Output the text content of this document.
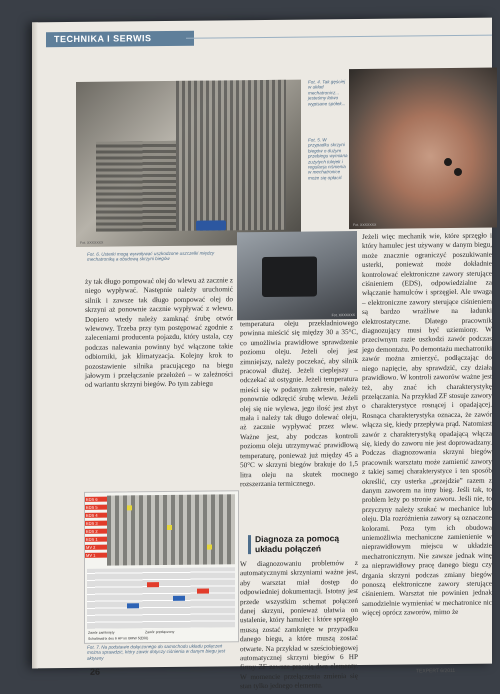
TECHNIKA I SERWIS
Fot. XXXXXXX
Fot. 4. Tak gęściej w układ mechatronicz... jesteśmy łatwo wypisane spółek...
Fot. 5. W przypadku skrzyni biegów o dużym przebiegu wymiana zużytych tulejek i regulacja ciśnienia w mechatronice może się opłacić
Fot. XXXXXXX
Fot. 6. Usterki mogą wywoływać uszkodzone uszczelki między mechatroniką a obudową skrzyni biegów
Fot. XXXXXXX

ży tak długo pompować olej do wlewu aż zacznie z niego wypływać. Następnie należy uruchomić silnik i zawsze tak długo pompować olej do skrzyni aż ponownie zacznie wypływać z wlewu. Dopiero wtedy należy zamknąć śrubę otwór wlewowy. Trzeba przy tym postępować zgodnie z zaleceniami producenta pojazdu, który ustala, czy podczas nalewania powinny być włączone takie odbiorniki, jak klimatyzacja. Kolejny krok to pozostawienie silnika pracującego na biegu jałowym i przełączanie przełożeń – w zależności od wariantu skrzyni biegów. Po tym zabiegu

EDS 6
EDS 5
EDS 4
EDS 3
EDS 2
EDS 1
MV 2
MV 1
Zawór zamknięty	Zawór przełączony
Schaltmatrix des 6 HP im BMW 5(E60)
Fot. 7. Na podstawie dołączonego do samochodu układu połączeń można sprawdzić, który zawór dotyczy ciśnienia w danym biegu jest aktywny

temperatura oleju przekładniowego powinna mieścić się między 30 a 35°C, co umożliwia prawidłowe sprawdzenie poziomu oleju. Jeżeli olej jest zimniejszy, należy poczekać, aby silnik pracował dłużej. Jeżeli cieplejszy – odczekać aż ostygnie. Jeżeli temperatura mieści się w podanym zakresie, należy ponownie odkręcić śrubę wlewu. Jeżeli olej się nie wylewa, jego ilość jest zbyt mała i należy tak długo dolewać oleju, aż zacznie wypływać przez wlew. Ważne jest, aby podczas kontroli poziomu oleju utrzymywać prawidłową temperaturę, ponieważ już między 45 a 50°C w skrzyni biegów brakuje do 1,5 litra oleju na skutek mocnego rozszerzania termicznego.

Diagnoza za pomocą układu połączeń

W diagnozowaniu problemów z automatycznymi skrzyniami ważne jest, aby warsztat miał dostęp do odpowiedniej dokumentacji. Istotny jest przede wszystkim schemat połączeń danej skrzyni, ponieważ ułatwia on ustalenie, który hamulec i które sprzęgło muszą zostać zamknięte w przypadku danego biegu, a które muszą zostać otwarte. Na przykład w sześciobiegowej automatycznej skrzyni biegów 6 HP firmy ZF zawsze pracują dwa elementy. W momencie przełączenia zmienia się stan tylko jednego elementu.

Jeżeli więc mechanik wie, które sprzęgło i który hamulec jest używany w danym biegu, może znacznie ograniczyć poszukiwanie usterki, ponieważ może dokładnie kontrolować elektroniczne zawory sterujące ciśnieniem (EDS), odpowiedzialne za włączanie hamulców i sprzęgieł. Ale uwaga – elektroniczne zawory sterujące ciśnieniem są bardzo wrażliwe na ładunki elektrostatyczne. Dlatego pracownik diagnozujący musi być uziemiony. W przeciwnym razie uszkodzi zawór podczas jego demontażu. Po demontażu mechatroniki zawór można zmierzyć, podłączając do niego napięcie, aby sprawdzić, czy działa prawidłowo. W kontroli zaworów ważne jest też, aby znać ich charakterystykę przełączania. Na przykład ZF stosuje zawory o charakterystyce rosnącej i opadającej. Rosnąca charakterystyka oznacza, że zawór włącza się, kiedy przepływa prąd. Natomiast zawór z charakterystyką opadającą włącza się, kiedy do zaworu nie jest doprowadzany. Podczas diagnozowania skrzyni biegów pracownik warsztatu może zamienić zawory z takiej samej charakterystyce i ten sposób określić, czy usterka „przejdzie” razem z danym zaworem na inny bieg. Jeśli tak, to problem leży po stronie zaworu. Jeśli nie, to przyczyny należy szukać w mechanice lub oleju. Dla rozróżnienia zawory są oznaczone kolorami. Poza tym ich obudowa uniemożliwia mechaniczne zamienienie w nieprawidłowym miejscu w układzie mechatronicznym. Nie zawsze jednak winę za nieprawidłowy pracę danego biegu czy drgania skrzyni podczas zmiany biegów ponoszą elektroniczne zawory sterujące ciśnieniem. Warsztat nie powinien jednak samodzielnie wymieniać w mechatronice nic więcej oprócz zaworów, mimo że

26	TEXPERT 6/2011
